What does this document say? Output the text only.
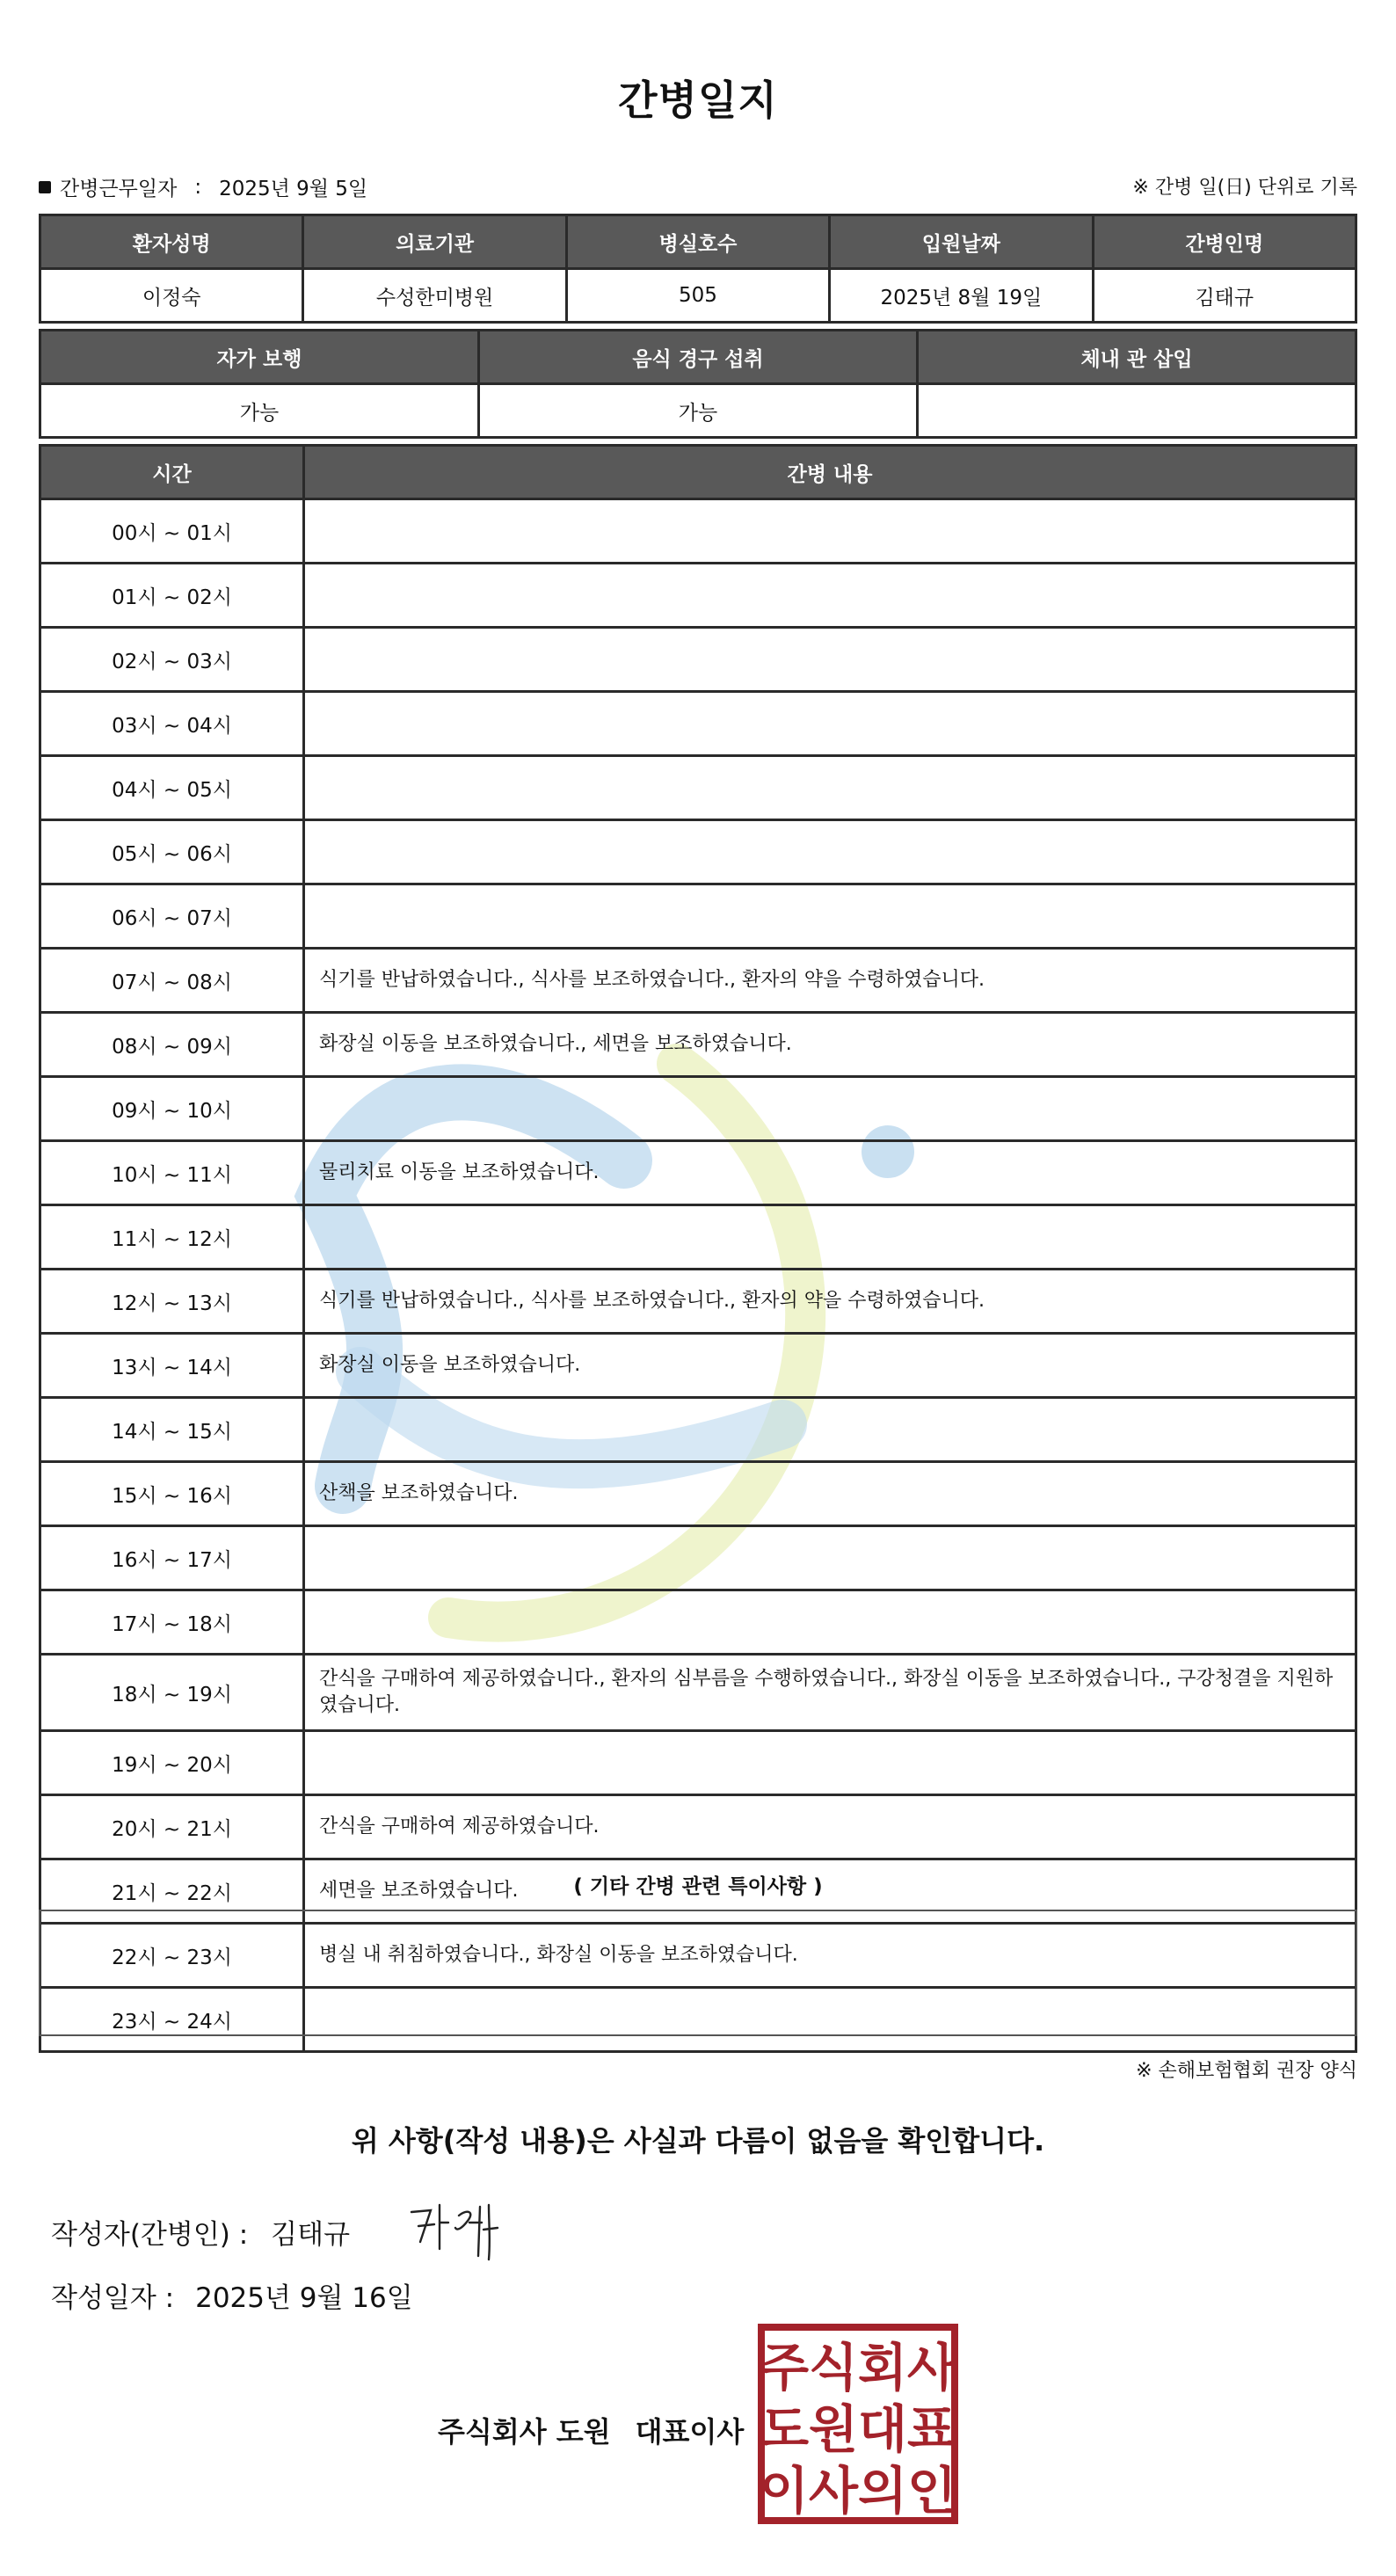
간병일지
간병근무일자 : 2025년 9월 5일	※ 간병 일(日) 단위로 기록
환자성명	의료기관	병실호수	입원날짜	간병인명
이정숙	수성한미병원	505	2025년 8월 19일	김태규
자가 보행	음식 경구 섭취	체내 관 삽입
가능	가능	
시간	간병 내용
00시 ~ 01시	
01시 ~ 02시	
02시 ~ 03시	
03시 ~ 04시	
04시 ~ 05시	
05시 ~ 06시	
06시 ~ 07시	
07시 ~ 08시	식기를 반납하였습니다., 식사를 보조하였습니다., 환자의 약을 수령하였습니다.
08시 ~ 09시	화장실 이동을 보조하였습니다., 세면을 보조하였습니다.
09시 ~ 10시	
10시 ~ 11시	물리치료 이동을 보조하였습니다.
11시 ~ 12시	
12시 ~ 13시	식기를 반납하였습니다., 식사를 보조하였습니다., 환자의 약을 수령하였습니다.
13시 ~ 14시	화장실 이동을 보조하였습니다.
14시 ~ 15시	
15시 ~ 16시	산책을 보조하였습니다.
16시 ~ 17시	
17시 ~ 18시	
18시 ~ 19시	간식을 구매하여 제공하였습니다., 환자의 심부름을 수행하였습니다., 화장실 이동을 보조하였습니다., 구강청결을 지원하였습니다.
19시 ~ 20시	
20시 ~ 21시	간식을 구매하여 제공하였습니다.
21시 ~ 22시	세면을 보조하였습니다.
22시 ~ 23시	병실 내 취침하였습니다., 화장실 이동을 보조하였습니다.
23시 ~ 24시	
( 기타 간병 관련 특이사항 )
※ 손해보험협회 권장 양식
위 사항(작성 내용)은 사실과 다름이 없음을 확인합니다.
작성자(간병인) : 김태규
작성일자 : 2025년 9월 16일
주식회사 도원 대표이사
주 식 회 사
도 원 대 표
이 사 의 인
